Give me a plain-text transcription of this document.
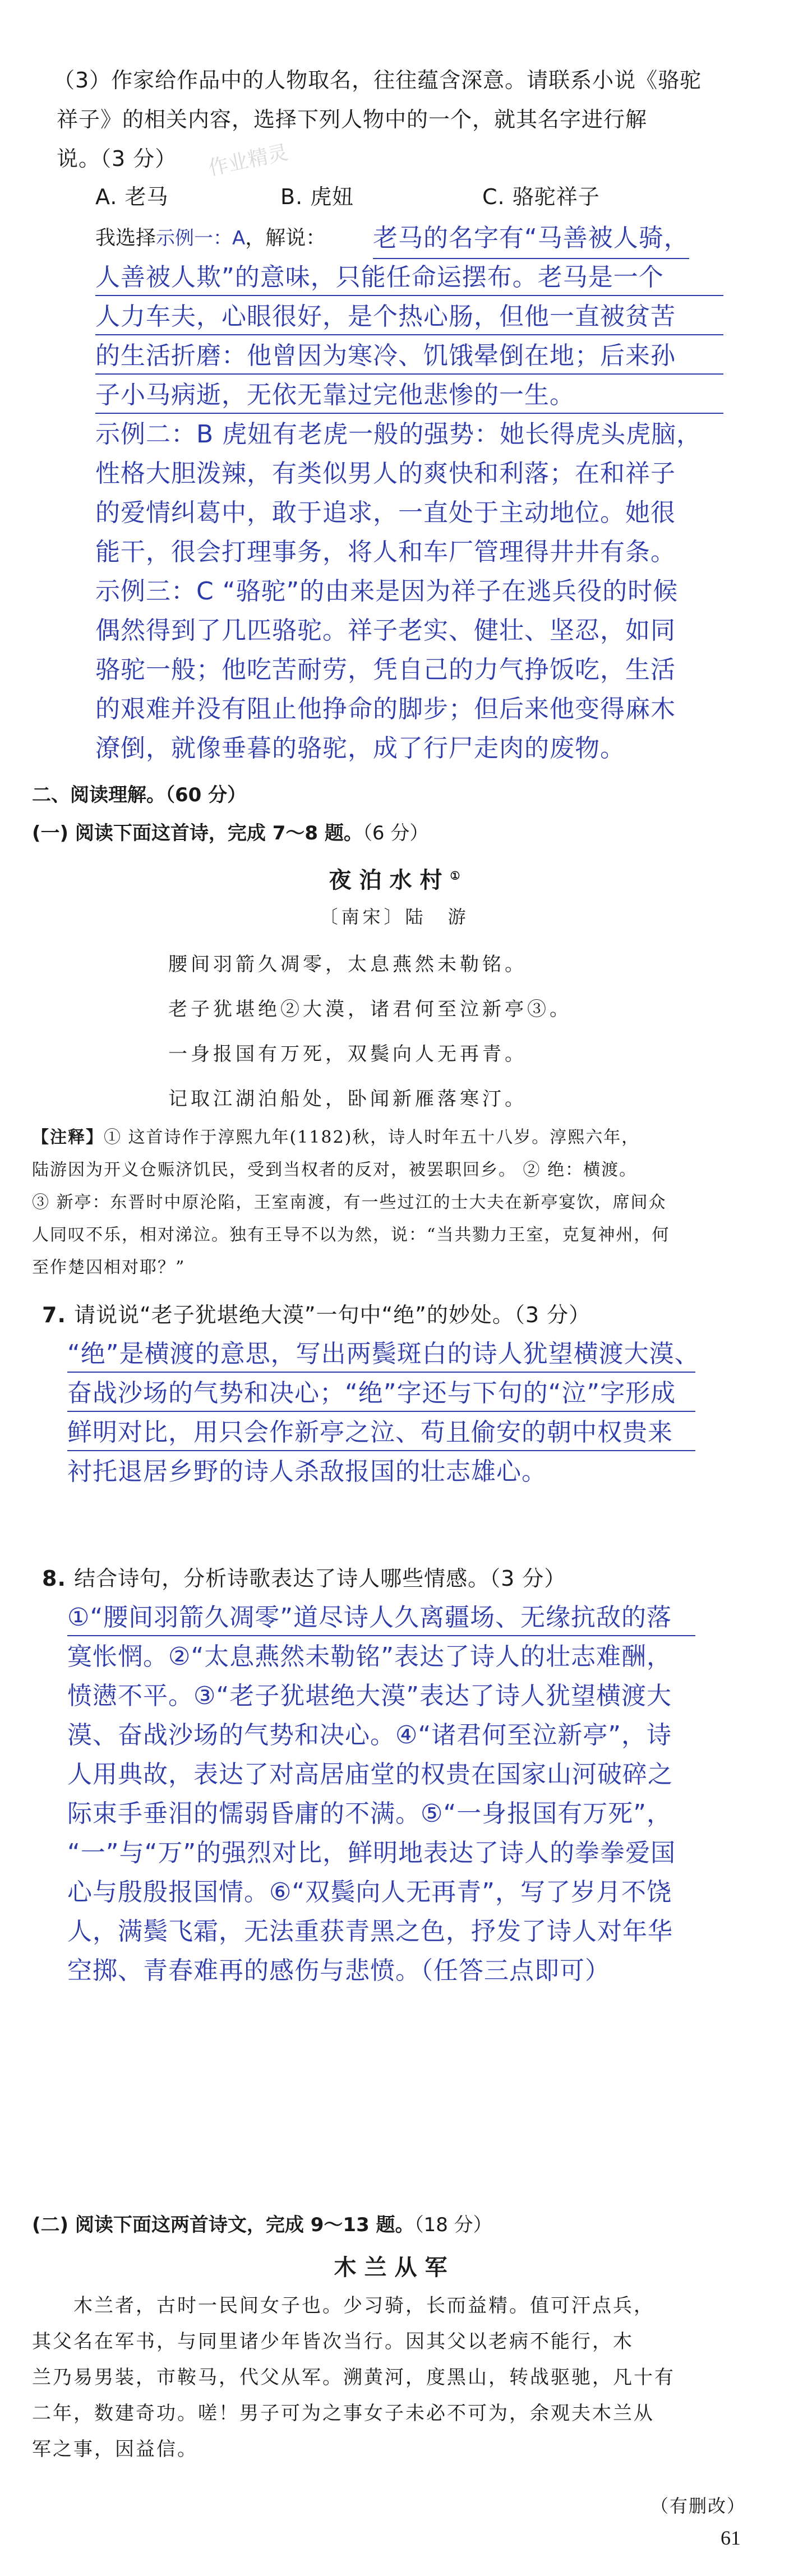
（3）作家给作品中的人物取名，往往蕴含深意。请联系小说《骆驼
祥子》的相关内容，选择下列人物中的一个，就其名字进行解
说。（3 分）	作业精灵
A. 老马	B. 虎妞	C. 骆驼祥子
我选择示例一：A，解说： 老马的名字有“马善被人骑，
人善被人欺”的意味，只能任命运摆布。老马是一个
人力车夫，心眼很好，是个热心肠，但他一直被贫苦
的生活折磨：他曾因为寒冷、饥饿晕倒在地；后来孙
子小马病逝，无依无靠过完他悲惨的一生。
示例二：B 虎妞有老虎一般的强势：她长得虎头虎脑，
性格大胆泼辣，有类似男人的爽快和利落；在和祥子
的爱情纠葛中，敢于追求，一直处于主动地位。她很
能干，很会打理事务，将人和车厂管理得井井有条。
示例三：C “骆驼”的由来是因为祥子在逃兵役的时候
偶然得到了几匹骆驼。祥子老实、健壮、坚忍，如同
骆驼一般；他吃苦耐劳，凭自己的力气挣饭吃，生活
的艰难并没有阻止他挣命的脚步；但后来他变得麻木
潦倒，就像垂暮的骆驼，成了行尸走肉的废物。
二、阅读理解。（60 分）
(一) 阅读下面这首诗，完成 7～8 题。（6 分）
夜泊水村①
〔南宋〕陆　游
腰间羽箭久凋零，太息燕然未勒铭。
老子犹堪绝②大漠，诸君何至泣新亭③。
一身报国有万死，双鬓向人无再青。
记取江湖泊船处，卧闻新雁落寒汀。
【注释】① 这首诗作于淳熙九年(1182)秋，诗人时年五十八岁。淳熙六年，
陆游因为开义仓赈济饥民，受到当权者的反对，被罢职回乡。 ② 绝：横渡。
③ 新亭：东晋时中原沦陷，王室南渡，有一些过江的士大夫在新亭宴饮，席间众
人同叹不乐，相对涕泣。独有王导不以为然，说：“当共勠力王室，克复神州，何
至作楚囚相对耶？”
7. 请说说“老子犹堪绝大漠”一句中“绝”的妙处。（3 分）
“绝”是横渡的意思，写出两鬓斑白的诗人犹望横渡大漠、
奋战沙场的气势和决心；“绝”字还与下句的“泣”字形成
鲜明对比，用只会作新亭之泣、苟且偷安的朝中权贵来
衬托退居乡野的诗人杀敌报国的壮志雄心。
8. 结合诗句，分析诗歌表达了诗人哪些情感。（3 分）
①“腰间羽箭久凋零”道尽诗人久离疆场、无缘抗敌的落
寞怅惘。②“太息燕然未勒铭”表达了诗人的壮志难酬，
愤懑不平。③“老子犹堪绝大漠”表达了诗人犹望横渡大
漠、奋战沙场的气势和决心。④“诸君何至泣新亭”，诗
人用典故，表达了对高居庙堂的权贵在国家山河破碎之
际束手垂泪的懦弱昏庸的不满。⑤“一身报国有万死”，
“一”与“万”的强烈对比，鲜明地表达了诗人的拳拳爱国
心与殷殷报国情。⑥“双鬓向人无再青”，写了岁月不饶
人，满鬓飞霜，无法重获青黑之色，抒发了诗人对年华
空掷、青春难再的感伤与悲愤。（任答三点即可）
(二) 阅读下面这两首诗文，完成 9～13 题。（18 分）
木兰从军
　　木兰者，古时一民间女子也。少习骑，长而益精。值可汗点兵，
其父名在军书，与同里诸少年皆次当行。因其父以老病不能行，木
兰乃易男装，市鞍马，代父从军。溯黄河，度黑山，转战驱驰，凡十有
二年，数建奇功。嗟！男子可为之事女子未必不可为，余观夫木兰从
军之事，因益信。
（有删改）
61
